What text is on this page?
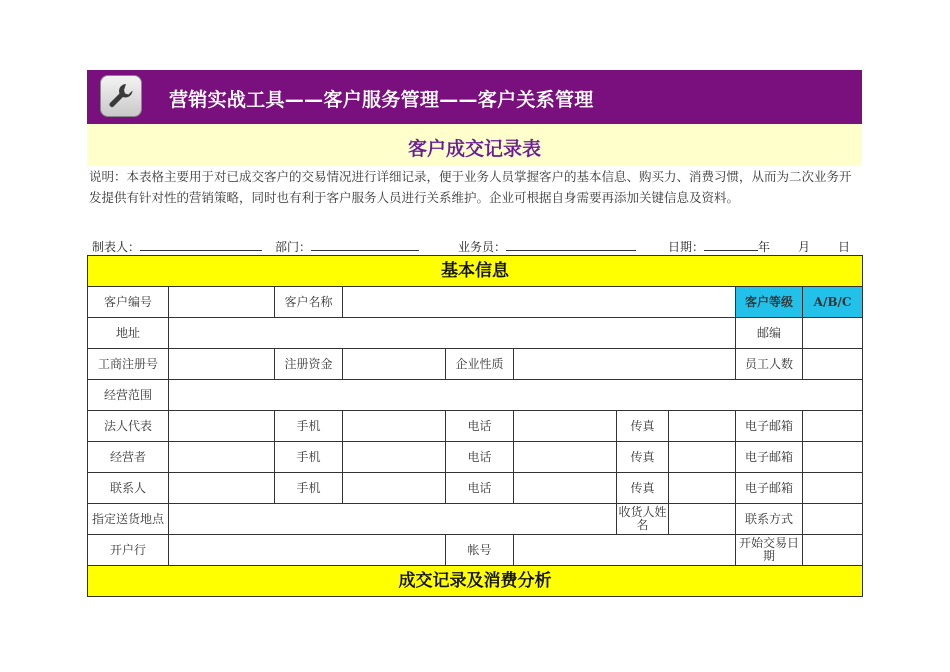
营销实战工具——客户服务管理——客户关系管理
客户成交记录表
说明：本表格主要用于对已成交客户的交易情况进行详细记录，便于业务人员掌握客户的基本信息、购买力、消费习惯，从而为二次业务开发提供有针对性的营销策略，同时也有利于客户服务人员进行关系维护。企业可根据自身需要再添加关键信息及资料。
制表人：	部门：	业务员：	日期：	年 月 日
基本信息									
客户编号		客户名称						客户等级	A/B/C
地址								邮编	
工商注册号		注册资金		企业性质				员工人数	
经营范围									
法人代表		手机		电话		传真		电子邮箱	
经营者		手机		电话		传真		电子邮箱	
联系人		手机		电话		传真		电子邮箱	
指定送货地点						收货人姓名		联系方式	
开户行				帐号				开始交易日期	
成交记录及消费分析									
